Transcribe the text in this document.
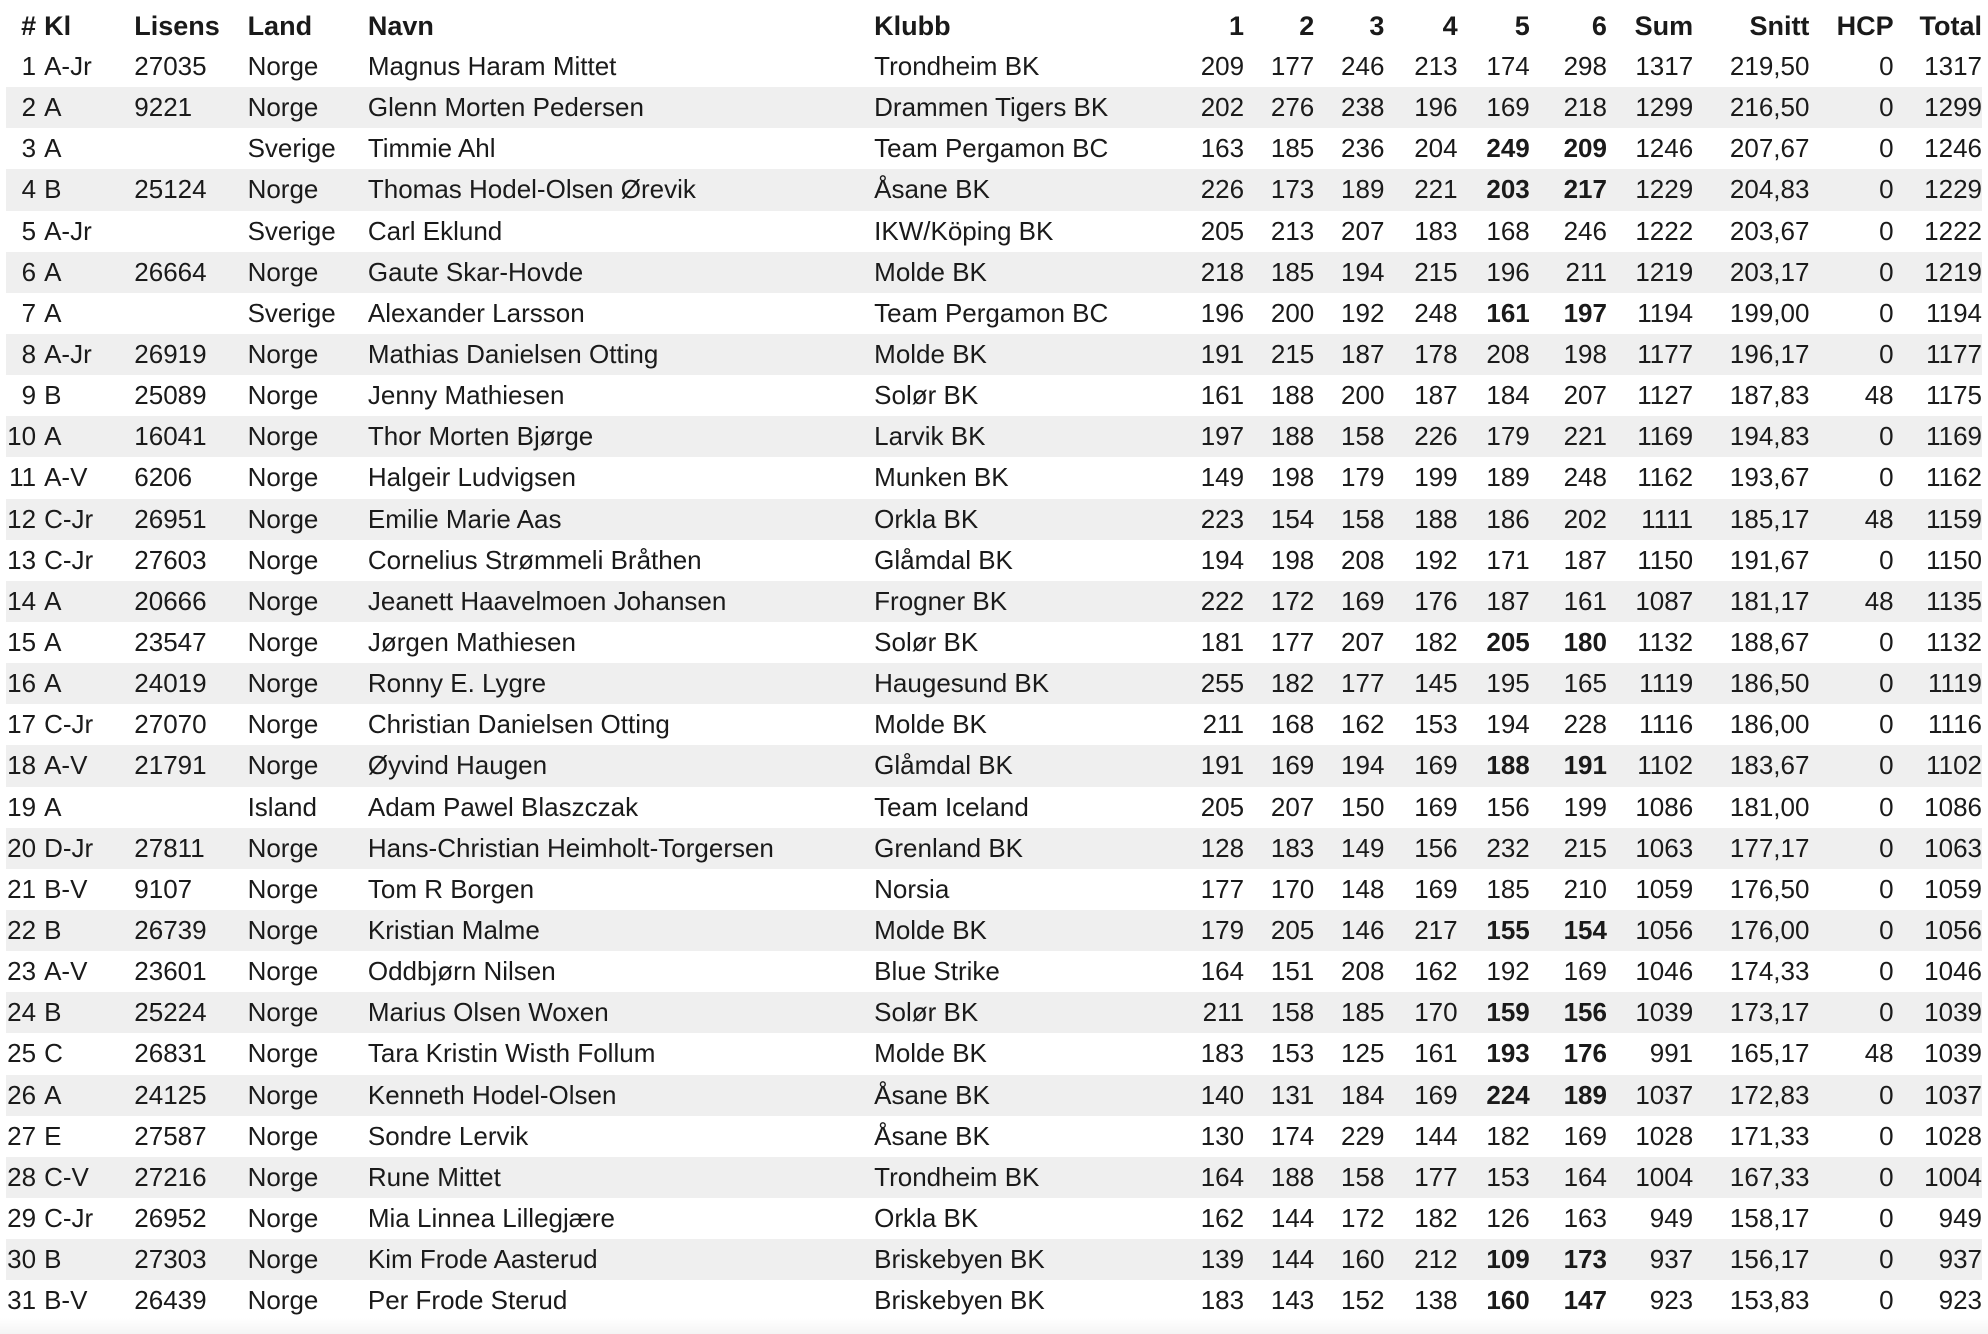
#	Kl	Lisens	Land	Navn	Klubb	1	2	3	4	5	6	Sum	Snitt	HCP	Total
1	A-Jr	27035	Norge	Magnus Haram Mittet	Trondheim BK	209	177	246	213	174	298	1317	219,50	0	1317
2	A	9221	Norge	Glenn Morten Pedersen	Drammen Tigers BK	202	276	238	196	169	218	1299	216,50	0	1299
3	A		Sverige	Timmie Ahl	Team Pergamon BC	163	185	236	204	249	209	1246	207,67	0	1246
4	B	25124	Norge	Thomas Hodel-Olsen Ørevik	Åsane BK	226	173	189	221	203	217	1229	204,83	0	1229
5	A-Jr		Sverige	Carl Eklund	IKW/Köping BK	205	213	207	183	168	246	1222	203,67	0	1222
6	A	26664	Norge	Gaute Skar-Hovde	Molde BK	218	185	194	215	196	211	1219	203,17	0	1219
7	A		Sverige	Alexander Larsson	Team Pergamon BC	196	200	192	248	161	197	1194	199,00	0	1194
8	A-Jr	26919	Norge	Mathias Danielsen Otting	Molde BK	191	215	187	178	208	198	1177	196,17	0	1177
9	B	25089	Norge	Jenny Mathiesen	Solør BK	161	188	200	187	184	207	1127	187,83	48	1175
10	A	16041	Norge	Thor Morten Bjørge	Larvik BK	197	188	158	226	179	221	1169	194,83	0	1169
11	A-V	6206	Norge	Halgeir Ludvigsen	Munken BK	149	198	179	199	189	248	1162	193,67	0	1162
12	C-Jr	26951	Norge	Emilie Marie Aas	Orkla BK	223	154	158	188	186	202	1111	185,17	48	1159
13	C-Jr	27603	Norge	Cornelius Strømmeli Bråthen	Glåmdal BK	194	198	208	192	171	187	1150	191,67	0	1150
14	A	20666	Norge	Jeanett Haavelmoen Johansen	Frogner BK	222	172	169	176	187	161	1087	181,17	48	1135
15	A	23547	Norge	Jørgen Mathiesen	Solør BK	181	177	207	182	205	180	1132	188,67	0	1132
16	A	24019	Norge	Ronny E. Lygre	Haugesund BK	255	182	177	145	195	165	1119	186,50	0	1119
17	C-Jr	27070	Norge	Christian Danielsen Otting	Molde BK	211	168	162	153	194	228	1116	186,00	0	1116
18	A-V	21791	Norge	Øyvind Haugen	Glåmdal BK	191	169	194	169	188	191	1102	183,67	0	1102
19	A		Island	Adam Pawel Blaszczak	Team Iceland	205	207	150	169	156	199	1086	181,00	0	1086
20	D-Jr	27811	Norge	Hans-Christian Heimholt-Torgersen	Grenland BK	128	183	149	156	232	215	1063	177,17	0	1063
21	B-V	9107	Norge	Tom R Borgen	Norsia	177	170	148	169	185	210	1059	176,50	0	1059
22	B	26739	Norge	Kristian Malme	Molde BK	179	205	146	217	155	154	1056	176,00	0	1056
23	A-V	23601	Norge	Oddbjørn Nilsen	Blue Strike	164	151	208	162	192	169	1046	174,33	0	1046
24	B	25224	Norge	Marius Olsen Woxen	Solør BK	211	158	185	170	159	156	1039	173,17	0	1039
25	C	26831	Norge	Tara Kristin Wisth Follum	Molde BK	183	153	125	161	193	176	991	165,17	48	1039
26	A	24125	Norge	Kenneth Hodel-Olsen	Åsane BK	140	131	184	169	224	189	1037	172,83	0	1037
27	E	27587	Norge	Sondre Lervik	Åsane BK	130	174	229	144	182	169	1028	171,33	0	1028
28	C-V	27216	Norge	Rune Mittet	Trondheim BK	164	188	158	177	153	164	1004	167,33	0	1004
29	C-Jr	26952	Norge	Mia Linnea Lillegjære	Orkla BK	162	144	172	182	126	163	949	158,17	0	949
30	B	27303	Norge	Kim Frode Aasterud	Briskebyen BK	139	144	160	212	109	173	937	156,17	0	937
31	B-V	26439	Norge	Per Frode Sterud	Briskebyen BK	183	143	152	138	160	147	923	153,83	0	923
